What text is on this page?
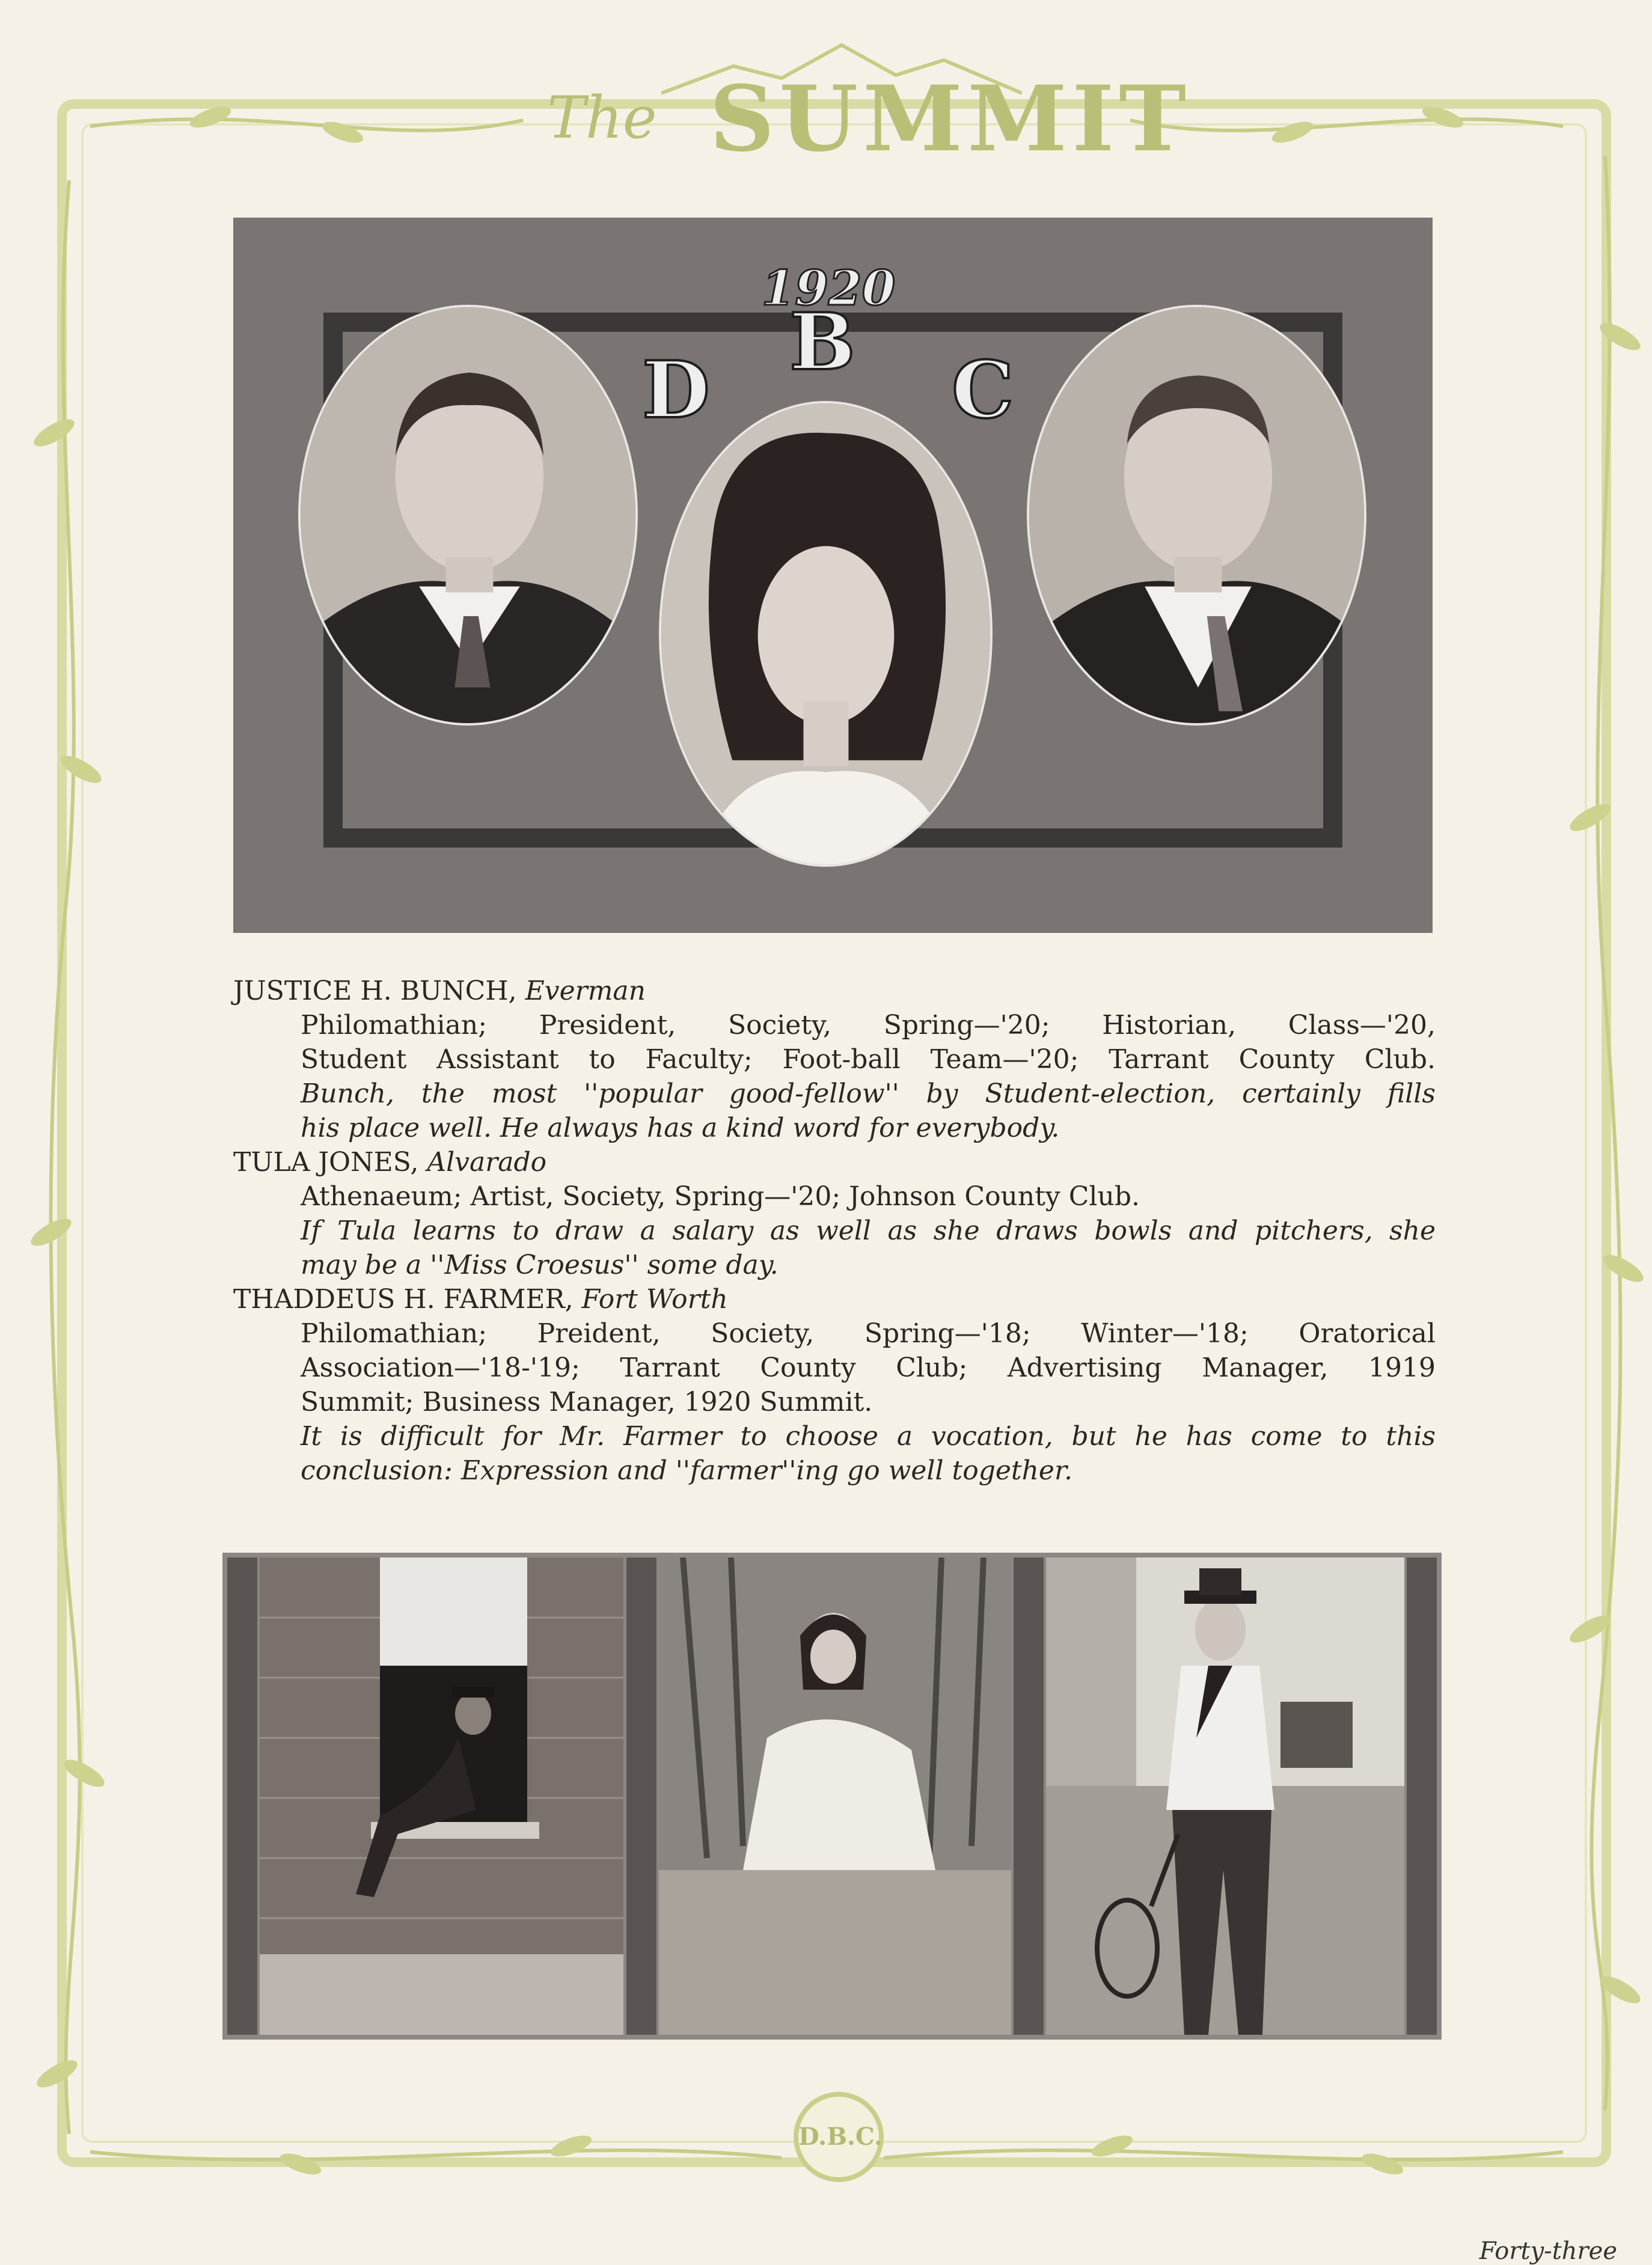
The SUMMIT
1920
D
B
C

JUSTICE H. BUNCH, Everman

Philomathian; President, Society, Spring—'20; Historian, Class—'20,

Student Assistant to Faculty; Foot-ball Team—'20; Tarrant County Club.

Bunch, the most ''popular good-fellow'' by Student-election, certainly fills

his place well. He always has a kind word for everybody.

TULA JONES, Alvarado

Athenaeum; Artist, Society, Spring—'20; Johnson County Club.

If Tula learns to draw a salary as well as she draws bowls and pitchers, she

may be a ''Miss Croesus'' some day.

THADDEUS H. FARMER, Fort Worth

Philomathian; Preident, Society, Spring—'18; Winter—'18; Oratorical

Association—'18-'19; Tarrant County Club; Advertising Manager, 1919

Summit; Business Manager, 1920 Summit.

It is difficult for Mr. Farmer to choose a vocation, but he has come to this

conclusion: Expression and ''farmer''ing go well together.

D.B.C.
Forty-three
